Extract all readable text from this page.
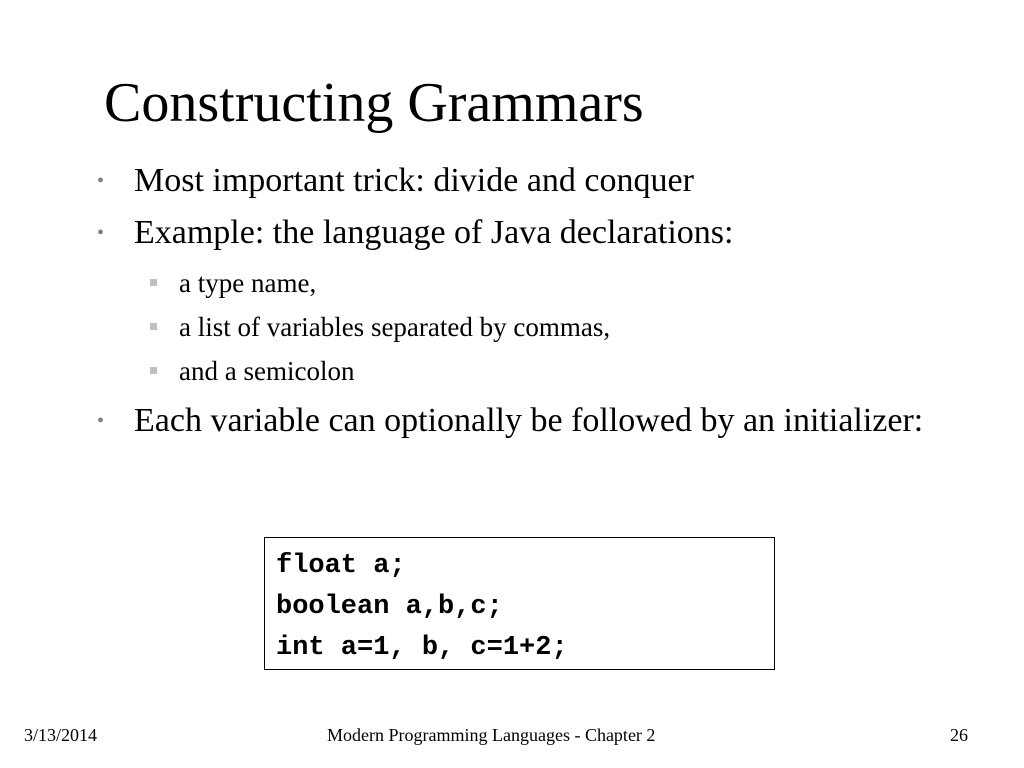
Constructing Grammars
• Most important trick: divide and conquer
• Example: the language of Java declarations:
a type name,
a list of variables separated by commas,
and a semicolon
• Each variable can optionally be followed by an initializer:
float a;
boolean a,b,c;
int a=1, b, c=1+2;
3/13/2014	Modern Programming Languages - Chapter 2	26
